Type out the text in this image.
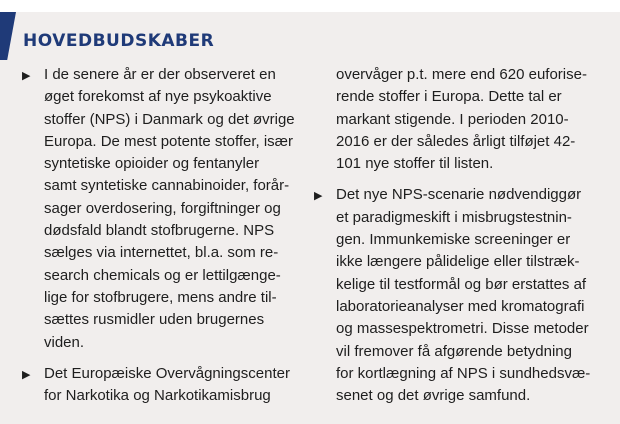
HOVEDBUDSKABER
▶ I de senere år er der observeret en
øget forekomst af nye psykoaktive
stoffer (NPS) i Danmark og det øvrige
Europa. De mest potente stoffer, især
syntetiske opioider og fentanyler
samt syntetiske cannabinoider, forår-
sager overdosering, forgiftninger og
dødsfald blandt stofbrugerne. NPS
sælges via internettet, bl.a. som re-
search chemicals og er lettilgænge-
lige for stofbrugere, mens andre til-
sættes rusmidler uden brugernes
viden.
▶ Det Europæiske Overvågningscenter
for Narkotika og Narkotikamisbrug
overvåger p.t. mere end 620 euforise-
rende stoffer i Europa. Dette tal er
markant stigende. I perioden 2010-
2016 er der således årligt tilføjet 42-
101 nye stoffer til listen.
▶ Det nye NPS-scenarie nødvendiggør
et paradigmeskift i misbrugstestnin-
gen. Immunkemiske screeninger er
ikke længere pålidelige eller tilstræk-
kelige til testformål og bør erstattes af
laboratorieanalyser med kromatografi
og massespektrometri. Disse metoder
vil fremover få afgørende betydning
for kortlægning af NPS i sundhedsvæ-
senet og det øvrige samfund.
